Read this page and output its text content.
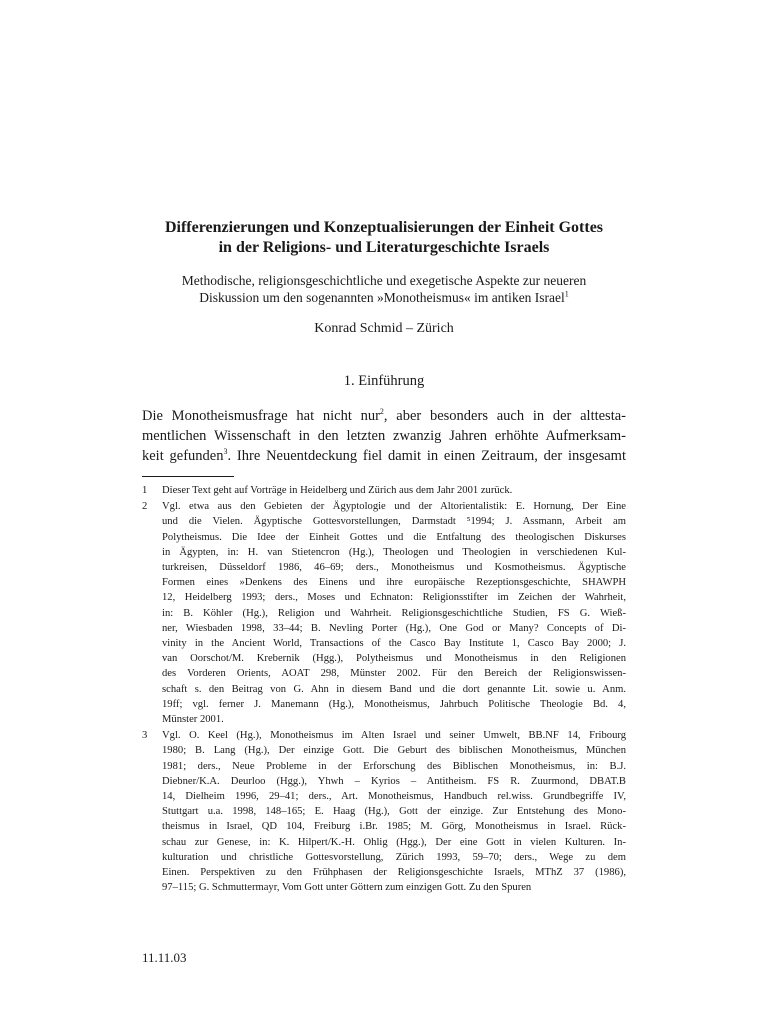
Differenzierungen und Konzeptualisierungen der Einheit Gottes
in der Religions- und Literaturgeschichte Israels
Methodische, religionsgeschichtliche und exegetische Aspekte zur neueren
Diskussion um den sogenannten »Monotheismus« im antiken Israel$^1$
Konrad Schmid – Zürich
1. Einführung

Die Monotheismusfrage hat nicht nur$^2$, aber besonders auch in der alttesta-
mentlichen Wissenschaft in den letzten zwanzig Jahren erhöhte Aufmerksam-
keit gefunden$^3$. Ihre Neuentdeckung fiel damit in einen Zeitraum, der insgesamt

1	Dieser Text geht auf Vorträge in Heidelberg und Zürich aus dem Jahr 2001 zurück.
2	Vgl. etwa aus den Gebieten der Ägyptologie und der Altorientalistik: E. Hornung, Der Eine
und die Vielen. Ägyptische Gottesvorstellungen, Darmstadt ⁵1994; J. Assmann, Arbeit am
Polytheismus. Die Idee der Einheit Gottes und die Entfaltung des theologischen Diskurses
in Ägypten, in: H. van Stietencron (Hg.), Theologen und Theologien in verschiedenen Kul-
turkreisen, Düsseldorf 1986, 46–69; ders., Monotheismus und Kosmotheismus. Ägyptische
Formen eines »Denkens des Einens und ihre europäische Rezeptionsgeschichte, SHAWPH
12, Heidelberg 1993; ders., Moses und Echnaton: Religionsstifter im Zeichen der Wahrheit,
in: B. Köhler (Hg.), Religion und Wahrheit. Religionsgeschichtliche Studien, FS G. Wieß-
ner, Wiesbaden 1998, 33–44; B. Nevling Porter (Hg.), One God or Many? Concepts of Di-
vinity in the Ancient World, Transactions of the Casco Bay Institute 1, Casco Bay 2000; J.
van Oorschot/M. Krebernik (Hgg.), Polytheismus und Monotheismus in den Religionen
des Vorderen Orients, AOAT 298, Münster 2002. Für den Bereich der Religionswissen-
schaft s. den Beitrag von G. Ahn in diesem Band und die dort genannte Lit. sowie u. Anm.
19ff; vgl. ferner J. Manemann (Hg.), Monotheismus, Jahrbuch Politische Theologie Bd. 4,
Münster 2001.
3	Vgl. O. Keel (Hg.), Monotheismus im Alten Israel und seiner Umwelt, BB.NF 14, Fribourg
1980; B. Lang (Hg.), Der einzige Gott. Die Geburt des biblischen Monotheismus, München
1981; ders., Neue Probleme in der Erforschung des Biblischen Monotheismus, in: B.J.
Diebner/K.A. Deurloo (Hgg.), Yhwh – Kyrios – Antitheism. FS R. Zuurmond, DBAT.B
14, Dielheim 1996, 29–41; ders., Art. Monotheismus, Handbuch rel.wiss. Grundbegriffe IV,
Stuttgart u.a. 1998, 148–165; E. Haag (Hg.), Gott der einzige. Zur Entstehung des Mono-
theismus in Israel, QD 104, Freiburg i.Br. 1985; M. Görg, Monotheismus in Israel. Rück-
schau zur Genese, in: K. Hilpert/K.-H. Ohlig (Hgg.), Der eine Gott in vielen Kulturen. In-
kulturation und christliche Gottesvorstellung, Zürich 1993, 59–70; ders., Wege zu dem
Einen. Perspektiven zu den Frühphasen der Religionsgeschichte Israels, MThZ 37 (1986),
97–115; G. Schmuttermayr, Vom Gott unter Göttern zum einzigen Gott. Zu den Spuren
11.11.03
